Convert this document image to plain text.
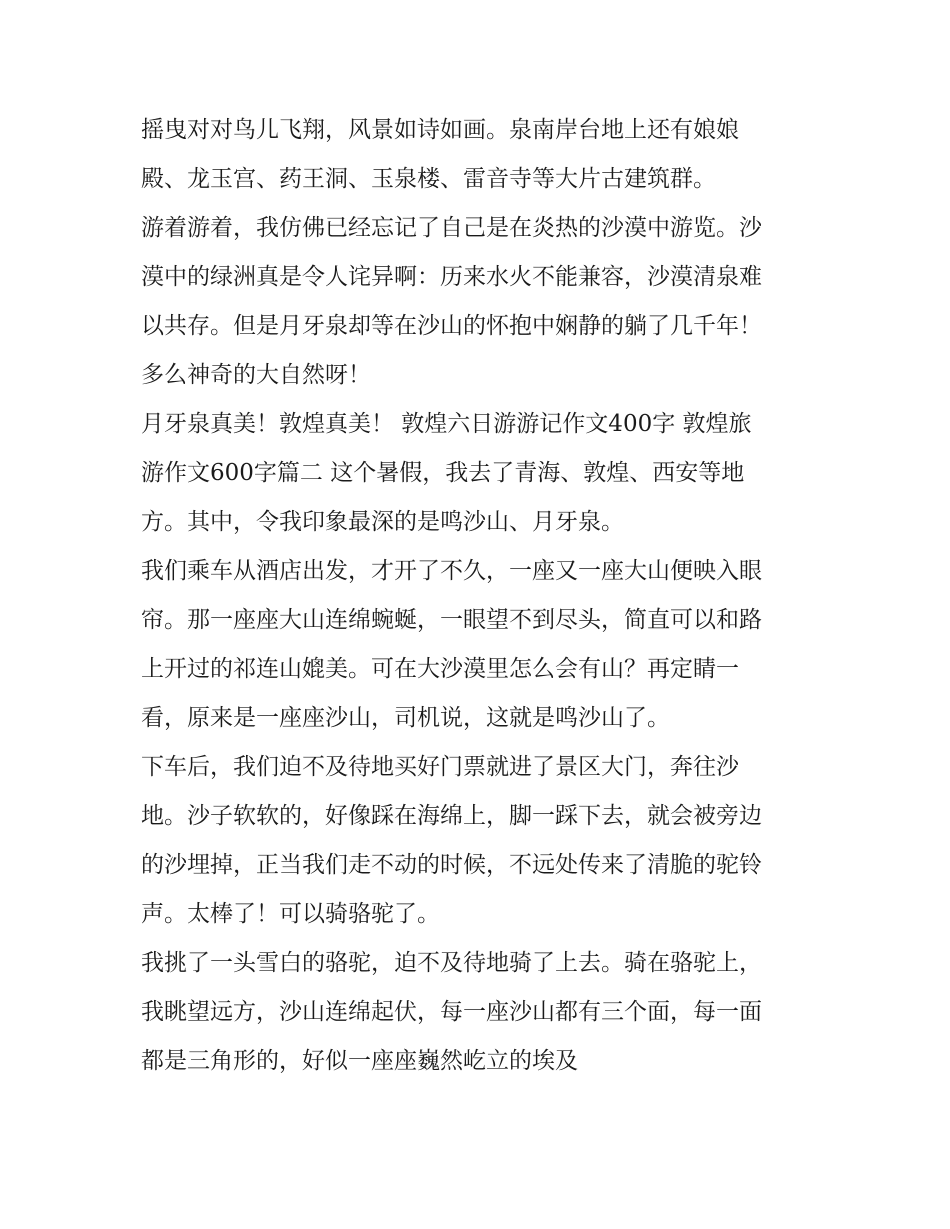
摇曳对对鸟儿飞翔，风景如诗如画。泉南岸台地上还有娘娘
殿、龙玉宫、药王洞、玉泉楼、雷音寺等大片古建筑群。
游着游着，我仿佛已经忘记了自己是在炎热的沙漠中游览。沙
漠中的绿洲真是令人诧异啊：历来水火不能兼容，沙漠清泉难
以共存。但是月牙泉却等在沙山的怀抱中娴静的躺了几千年！
多么神奇的大自然呀！
月牙泉真美！敦煌真美！ 敦煌六日游游记作文400字 敦煌旅
游作文600字篇二 这个暑假，我去了青海、敦煌、西安等地
方。其中，令我印象最深的是鸣沙山、月牙泉。
我们乘车从酒店出发，才开了不久，一座又一座大山便映入眼
帘。那一座座大山连绵蜿蜒，一眼望不到尽头，简直可以和路
上开过的祁连山媲美。可在大沙漠里怎么会有山？再定睛一
看，原来是一座座沙山，司机说，这就是鸣沙山了。
下车后，我们迫不及待地买好门票就进了景区大门，奔往沙
地。沙子软软的，好像踩在海绵上，脚一踩下去，就会被旁边
的沙埋掉，正当我们走不动的时候，不远处传来了清脆的驼铃
声。太棒了！可以骑骆驼了。
我挑了一头雪白的骆驼，迫不及待地骑了上去。骑在骆驼上，
我眺望远方，沙山连绵起伏，每一座沙山都有三个面，每一面
都是三角形的，好似一座座巍然屹立的埃及
